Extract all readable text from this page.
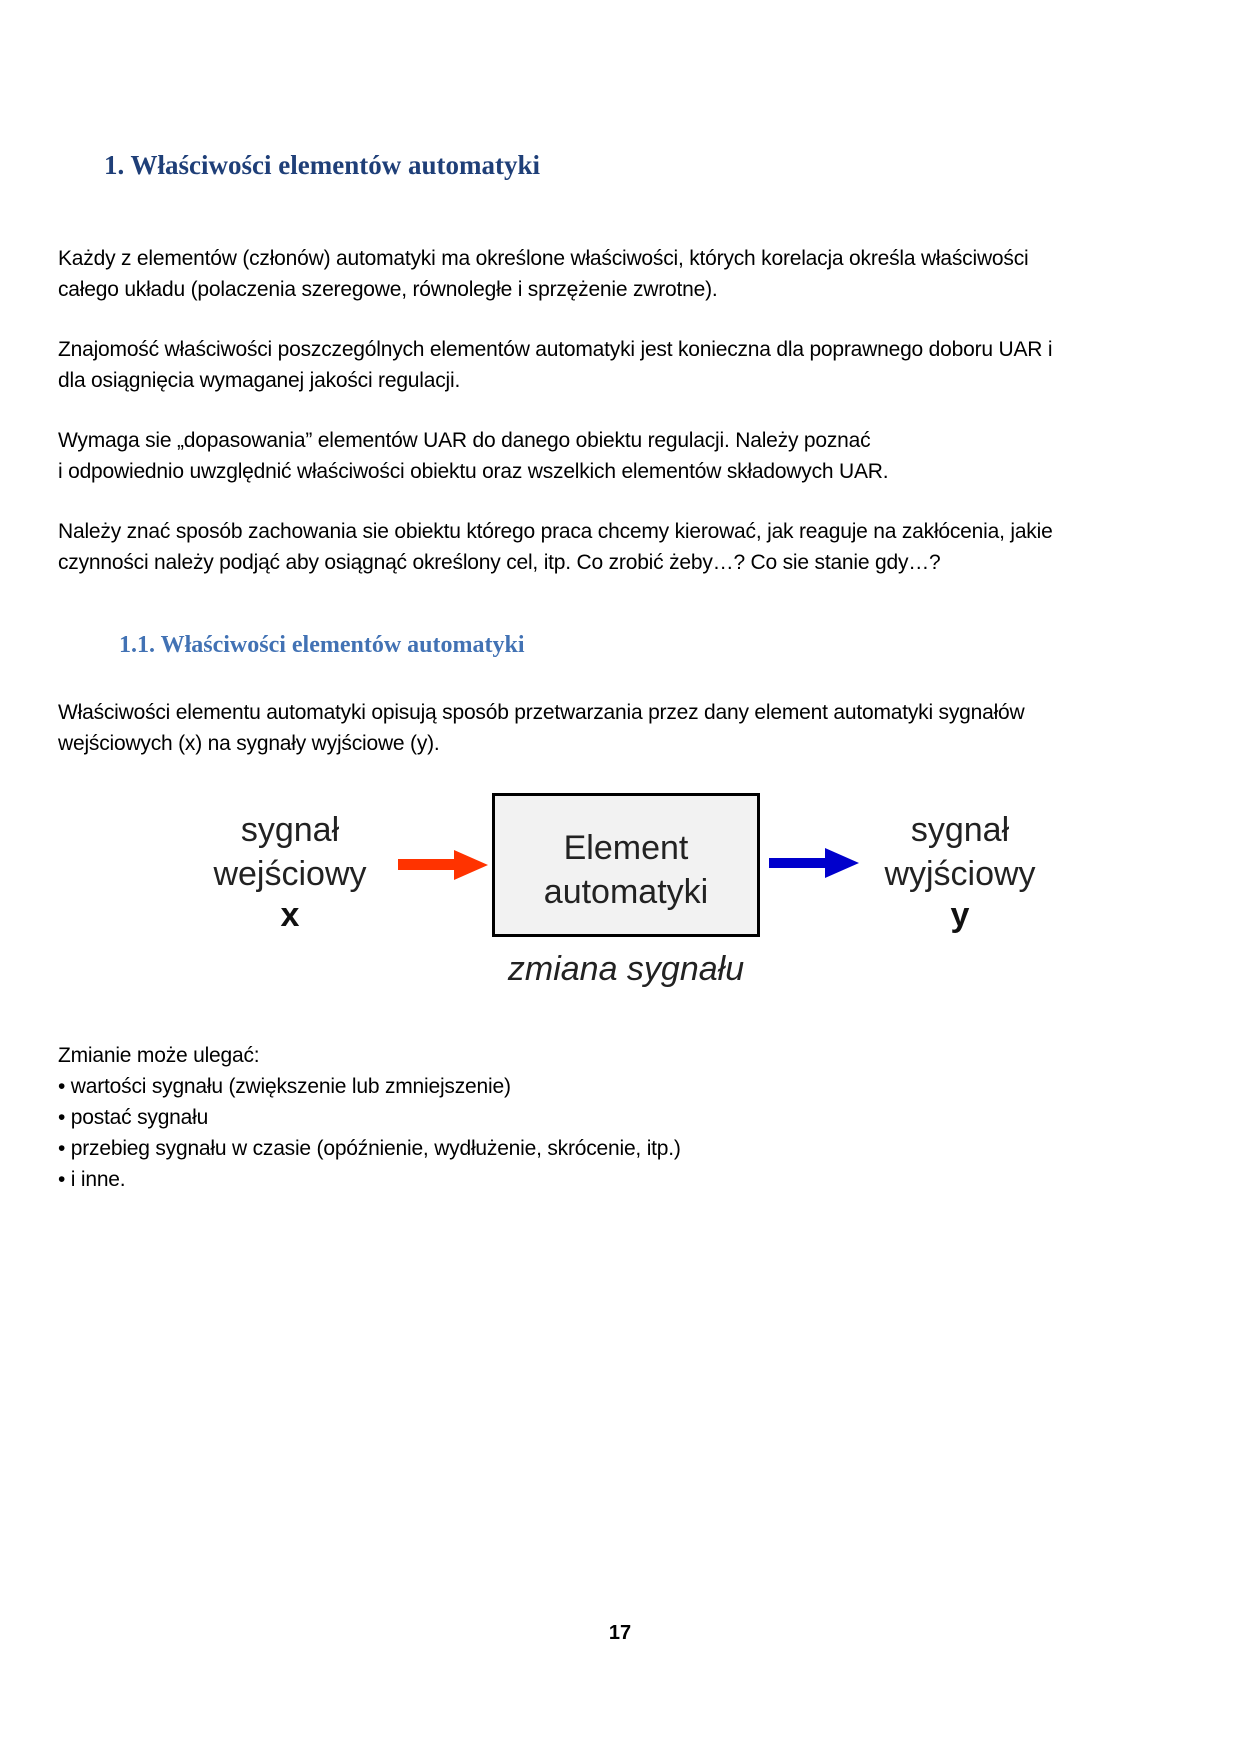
1. Właściwości elementów automatyki

Każdy z elementów (członów) automatyki ma określone właściwości, których korelacja określa właściwości
całego układu (polaczenia szeregowe, równoległe i sprzężenie zwrotne).

Znajomość właściwości poszczególnych elementów automatyki jest konieczna dla poprawnego doboru UAR i
dla osiągnięcia wymaganej jakości regulacji.

Wymaga sie „dopasowania” elementów UAR do danego obiektu regulacji. Należy poznać
i odpowiednio uwzględnić właściwości obiektu oraz wszelkich elementów składowych UAR.

Należy znać sposób zachowania sie obiektu którego praca chcemy kierować, jak reaguje na zakłócenia, jakie
czynności należy podjąć aby osiągnąć określony cel, itp. Co zrobić żeby…? Co sie stanie gdy…?

1.1. Właściwości elementów automatyki

Właściwości elementu automatyki opisują sposób przetwarzania przez dany element automatyki sygnałów
wejściowych (x) na sygnały wyjściowe (y).

sygnał
wejściowy
x
Element
automatyki
sygnał
wyjściowy
y
zmiana sygnału
Zmianie może ulegać:
• wartości sygnału (zwiększenie lub zmniejszenie)
• postać sygnału
• przebieg sygnału w czasie (opóźnienie, wydłużenie, skrócenie, itp.)
• i inne.
17
